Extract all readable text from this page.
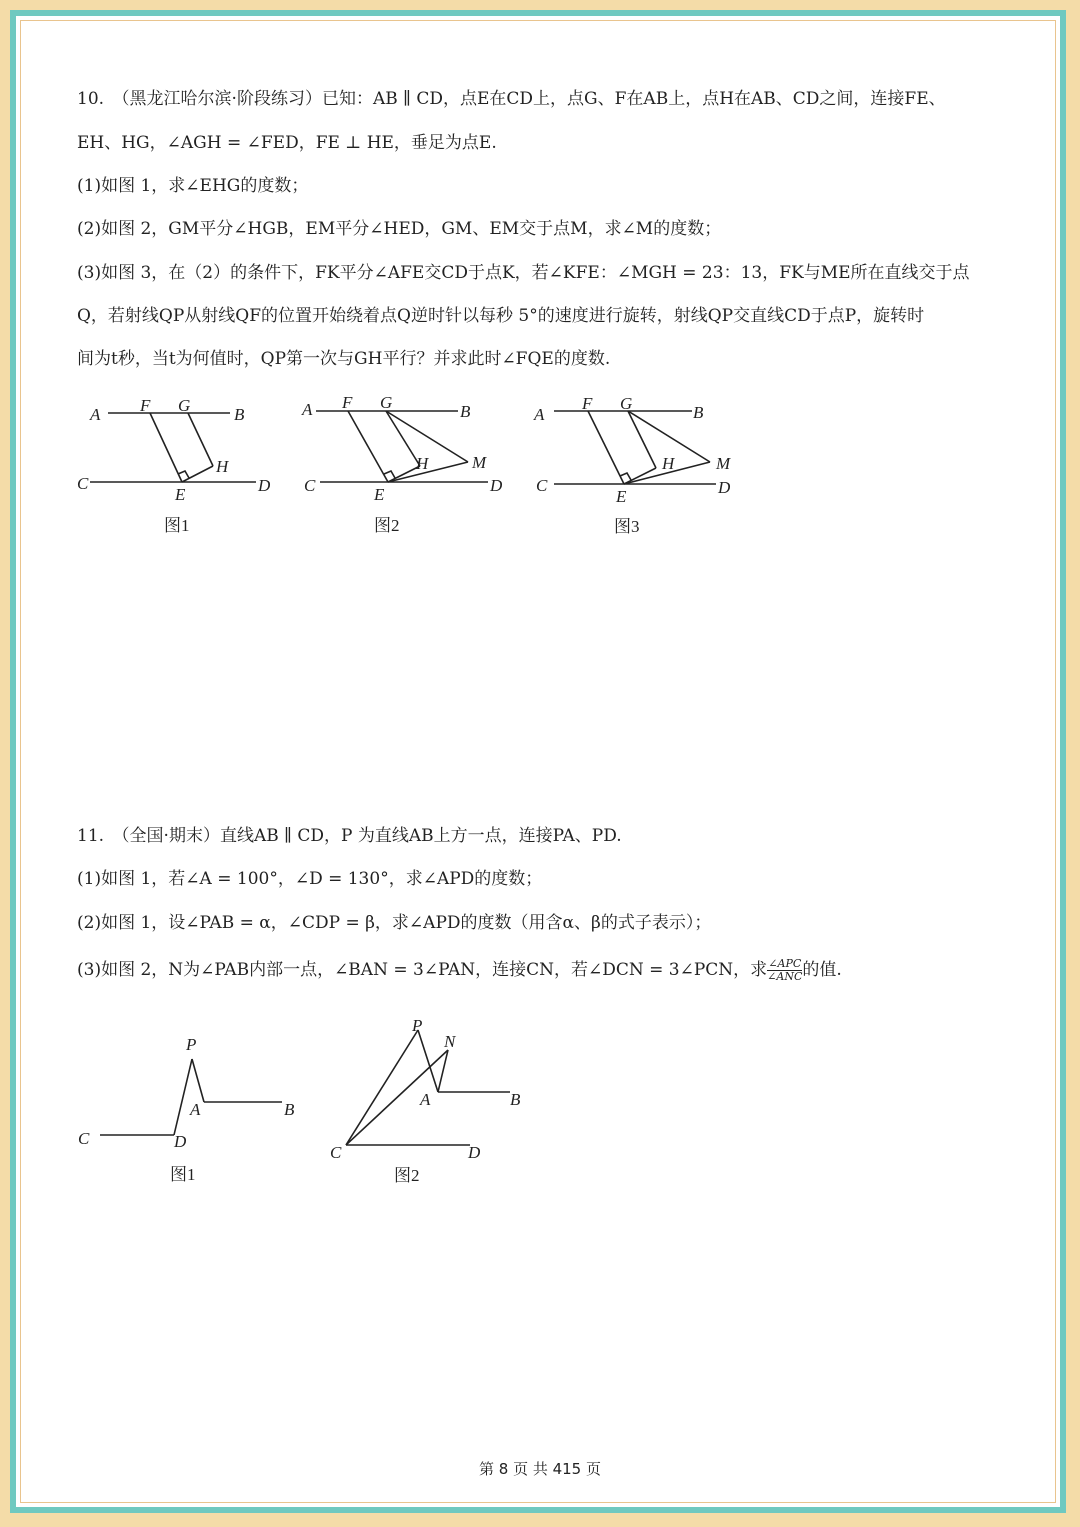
10.　（黑龙江哈尔滨·阶段练习）已知：AB ∥ CD，点E在CD上，点G、F在AB上，点H在AB、CD之间，连接FE、
EH、HG，∠AGH = ∠FED，FE ⊥ HE，垂足为点E.
(1)如图 1，求∠EHG的度数；
(2)如图 2，GM平分∠HGB，EM平分∠HED，GM、EM交于点M，求∠M的度数；
(3)如图 3，在（2）的条件下，FK平分∠AFE交CD于点K，若∠KFE：∠MGH = 23：13，FK与ME所在直线交于点
Q，若射线QP从射线QF的位置开始绕着点Q逆时针以每秒 5°的速度进行旋转，射线QP交直线CD于点P，旋转时
间为t秒，当t为何值时，QP第一次与GH平行？并求此时∠FQE的度数.
A F G	B
H
C
E	D
图1
A F G	B
H	M
C	E	D
图2
A
F G	B
H M
C
E	D
图3
11.　（全国·期末）直线AB ∥ CD，P 为直线AB上方一点，连接PA、PD.
(1)如图 1，若∠A = 100°，∠D = 130°，求∠APD的度数；
(2)如图 1，设∠PAB = α，∠CDP = β，求∠APD的度数（用含α、β的式子表示）；
(3)如图 2，N为∠PAB内部一点，∠BAN = 3∠PAN，连接CN，若∠DCN = 3∠PCN，求 $\frac{\text{∠APC}}{\text{∠ANC}}$ 的值.
P
A	B
C	D
图1
P
N
A	B
C	D
图2
第 8 页 共 415 页
